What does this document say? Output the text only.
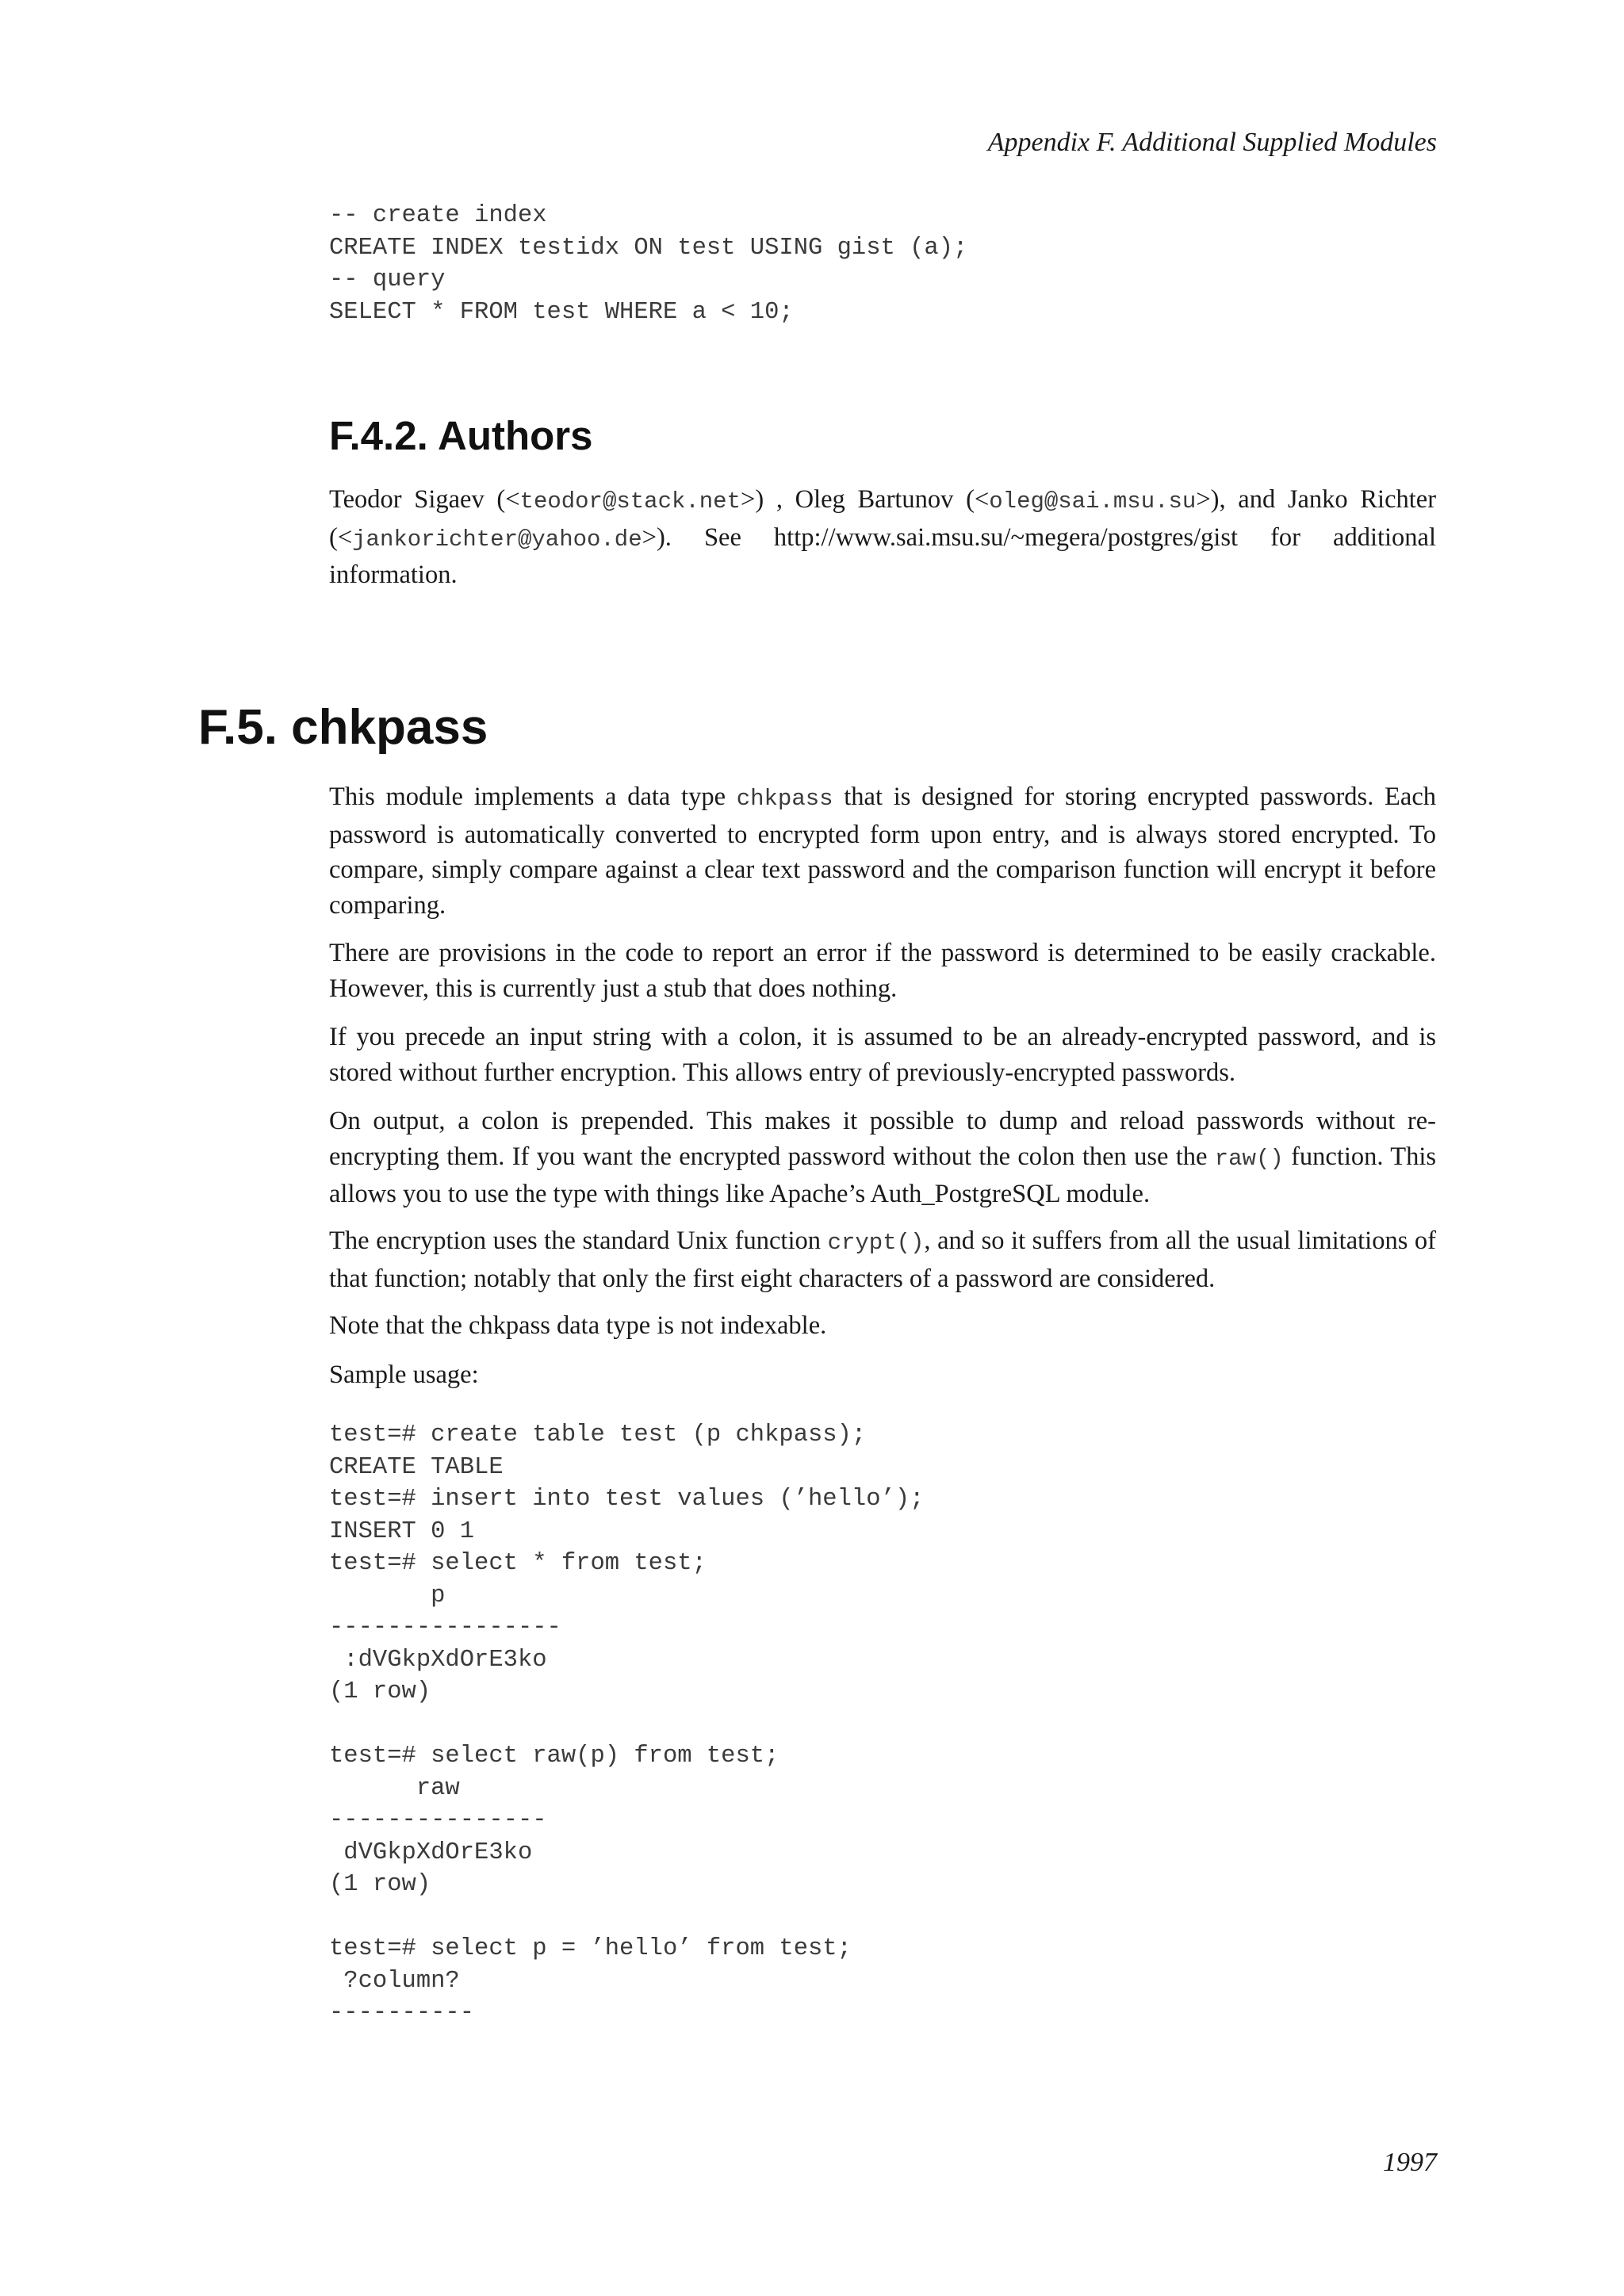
Appendix F. Additional Supplied Modules
-- create index
CREATE INDEX testidx ON test USING gist (a);
-- query
SELECT * FROM test WHERE a < 10;
F.4.2. Authors

Teodor Sigaev (<teodor@stack.net>) , Oleg Bartunov (<oleg@sai.msu.su>), and Janko Richter (<jankorichter@yahoo.de>). See http://www.sai.msu.su/~megera/postgres/gist for additional information.

F.5. chkpass

This module implements a data type chkpass that is designed for storing encrypted passwords. Each password is automatically converted to encrypted form upon entry, and is always stored encrypted. To compare, simply compare against a clear text password and the comparison function will encrypt it before comparing.

There are provisions in the code to report an error if the password is determined to be easily crackable. However, this is currently just a stub that does nothing.

If you precede an input string with a colon, it is assumed to be an already-encrypted password, and is stored without further encryption. This allows entry of previously-encrypted passwords.

On output, a colon is prepended. This makes it possible to dump and reload passwords without re-encrypting them. If you want the encrypted password without the colon then use the raw() function. This allows you to use the type with things like Apache’s Auth_PostgreSQL module.

The encryption uses the standard Unix function crypt(), and so it suffers from all the usual limitations of that function; notably that only the first eight characters of a password are considered.

Note that the chkpass data type is not indexable.

Sample usage:

test=# create table test (p chkpass);
CREATE TABLE
test=# insert into test values (’hello’);
INSERT 0 1
test=# select * from test;
p
----------------
:dVGkpXdOrE3ko
(1 row)
test=# select raw(p) from test;
raw
---------------
dVGkpXdOrE3ko
(1 row)
test=# select p = ’hello’ from test;
?column?
----------
1997
